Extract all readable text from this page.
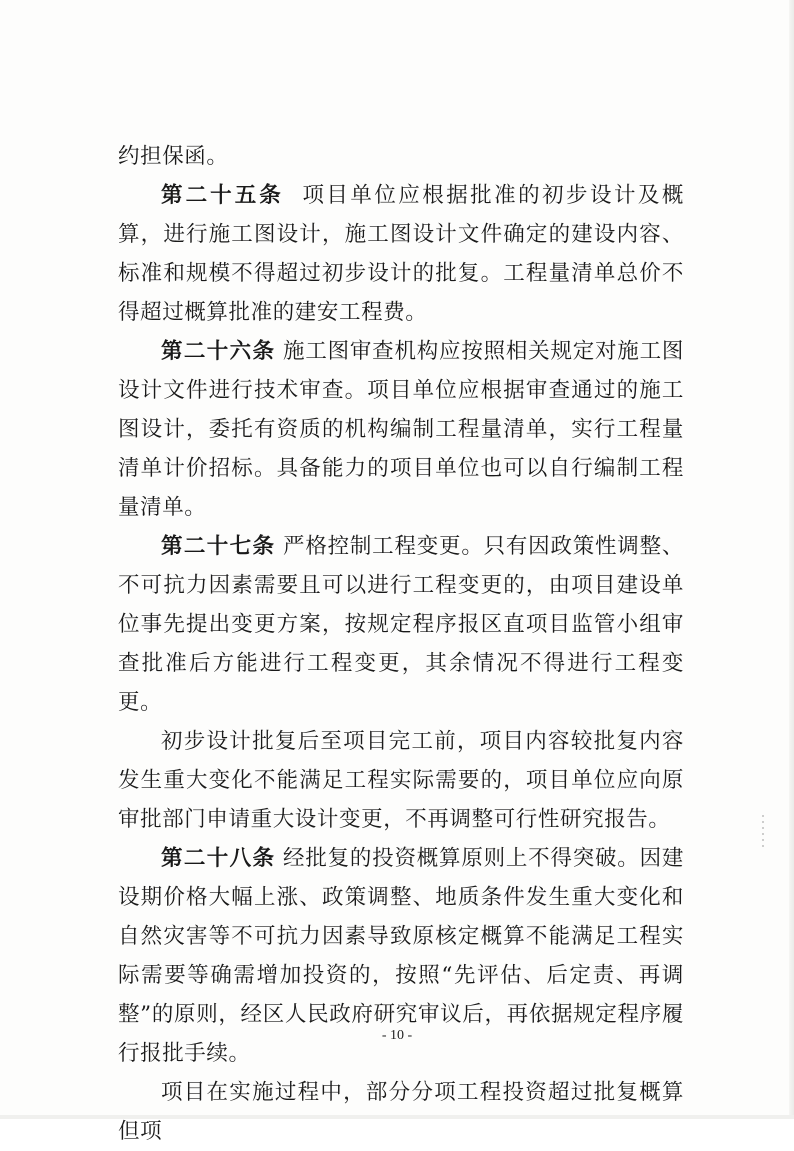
约担保函。

第二十五条 项目单位应根据批准的初步设计及概算，进行施工图设计，施工图设计文件确定的建设内容、标准和规模不得超过初步设计的批复。工程量清单总价不得超过概算批准的建安工程费。

第二十六条 施工图审查机构应按照相关规定对施工图设计文件进行技术审查。项目单位应根据审查通过的施工图设计，委托有资质的机构编制工程量清单，实行工程量清单计价招标。具备能力的项目单位也可以自行编制工程量清单。

第二十七条 严格控制工程变更。只有因政策性调整、不可抗力因素需要且可以进行工程变更的，由项目建设单位事先提出变更方案，按规定程序报区直项目监管小组审查批准后方能进行工程变更，其余情况不得进行工程变更。

初步设计批复后至项目完工前，项目内容较批复内容发生重大变化不能满足工程实际需要的，项目单位应向原审批部门申请重大设计变更，不再调整可行性研究报告。

第二十八条 经批复的投资概算原则上不得突破。因建设期价格大幅上涨、政策调整、地质条件发生重大变化和自然灾害等不可抗力因素导致原核定概算不能满足工程实际需要等确需增加投资的，按照“先评估、后定责、再调整”的原则，经区人民政府研究审议后，再依据规定程序履行报批手续。

项目在实施过程中，部分分项工程投资超过批复概算但项

- 10 -
